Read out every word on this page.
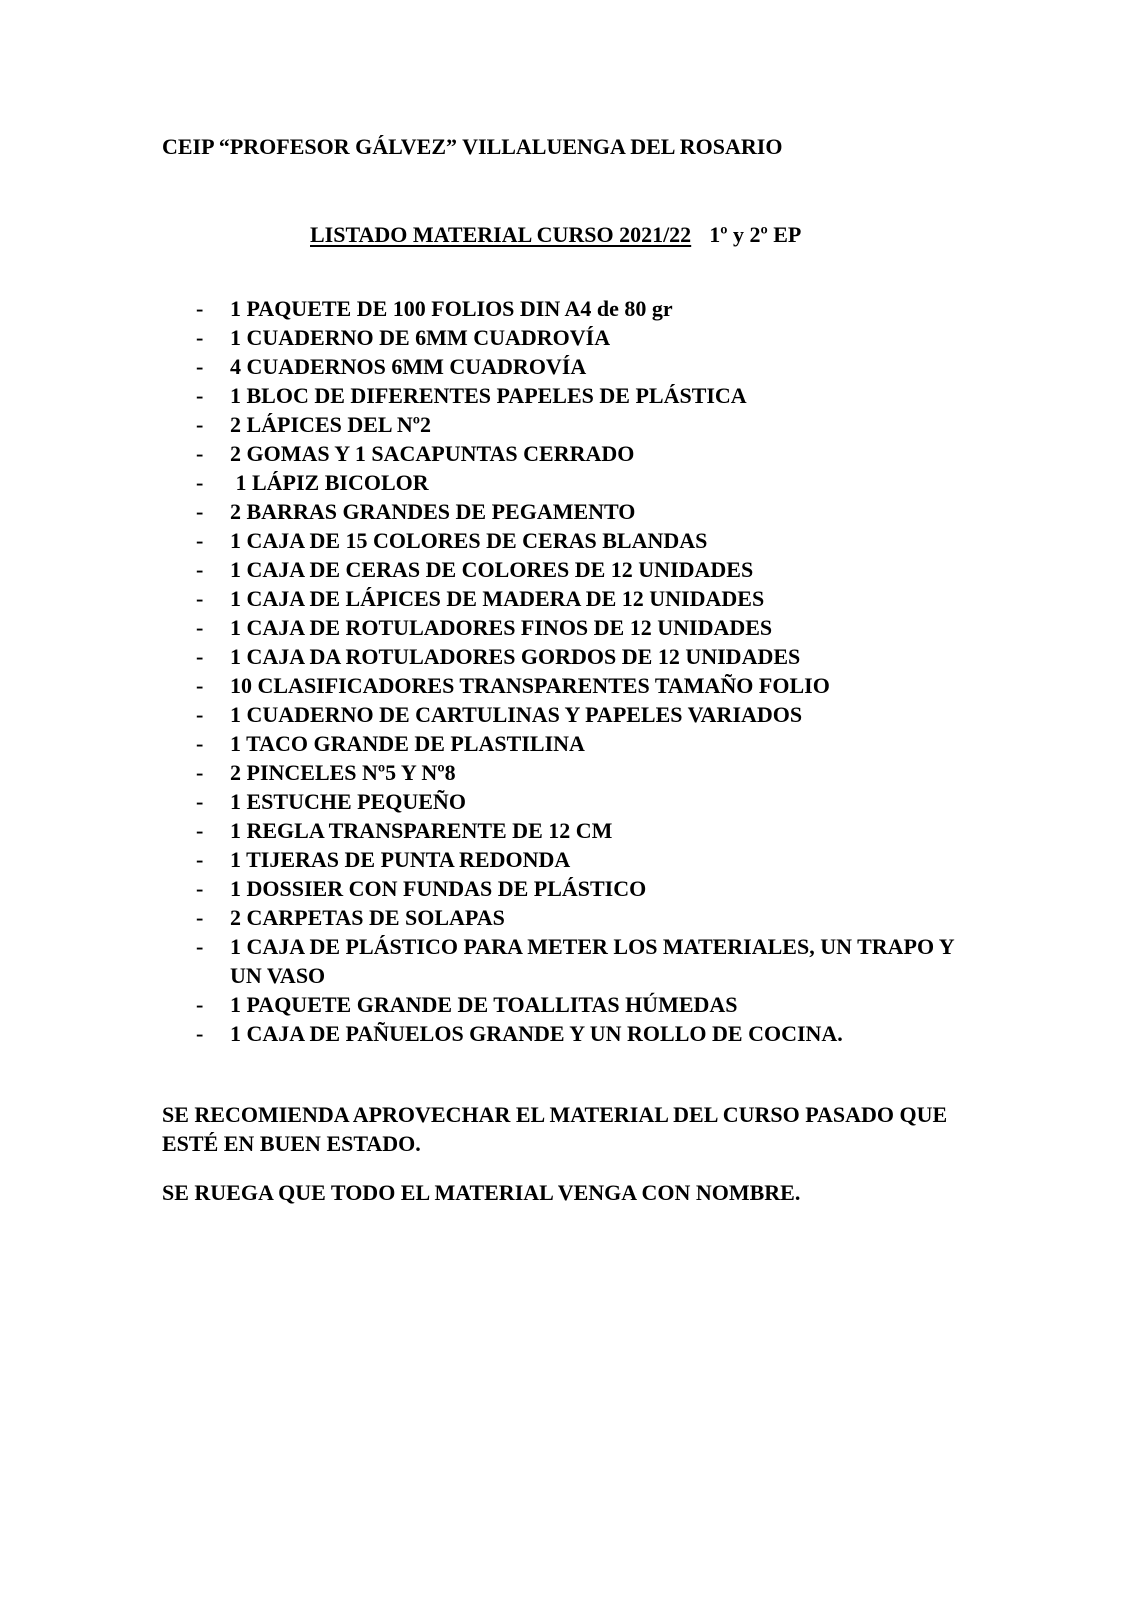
CEIP “PROFESOR GÁLVEZ” VILLALUENGA DEL ROSARIO
LISTADO MATERIAL CURSO 2021/22 1º y 2º EP
- 1 PAQUETE DE 100 FOLIOS DIN A4 de 80 gr
- 1 CUADERNO DE 6MM CUADROVÍA
- 4 CUADERNOS 6MM CUADROVÍA
- 1 BLOC DE DIFERENTES PAPELES DE PLÁSTICA
- 2 LÁPICES DEL Nº2
- 2 GOMAS Y 1 SACAPUNTAS CERRADO
- 1 LÁPIZ BICOLOR
- 2 BARRAS GRANDES DE PEGAMENTO
- 1 CAJA DE 15 COLORES DE CERAS BLANDAS
- 1 CAJA DE CERAS DE COLORES DE 12 UNIDADES
- 1 CAJA DE LÁPICES DE MADERA DE 12 UNIDADES
- 1 CAJA DE ROTULADORES FINOS DE 12 UNIDADES
- 1 CAJA DA ROTULADORES GORDOS DE 12 UNIDADES
- 10 CLASIFICADORES TRANSPARENTES TAMAÑO FOLIO
- 1 CUADERNO DE CARTULINAS Y PAPELES VARIADOS
- 1 TACO GRANDE DE PLASTILINA
- 2 PINCELES Nº5 Y Nº8
- 1 ESTUCHE PEQUEÑO
- 1 REGLA TRANSPARENTE DE 12 CM
- 1 TIJERAS DE PUNTA REDONDA
- 1 DOSSIER CON FUNDAS DE PLÁSTICO
- 2 CARPETAS DE SOLAPAS
- 1 CAJA DE PLÁSTICO PARA METER LOS MATERIALES, UN TRAPO Y UN VASO
- 1 PAQUETE GRANDE DE TOALLITAS HÚMEDAS
- 1 CAJA DE PAÑUELOS GRANDE Y UN ROLLO DE COCINA.
SE RECOMIENDA APROVECHAR EL MATERIAL DEL CURSO PASADO QUE ESTÉ EN BUEN ESTADO.
SE RUEGA QUE TODO EL MATERIAL VENGA CON NOMBRE.
